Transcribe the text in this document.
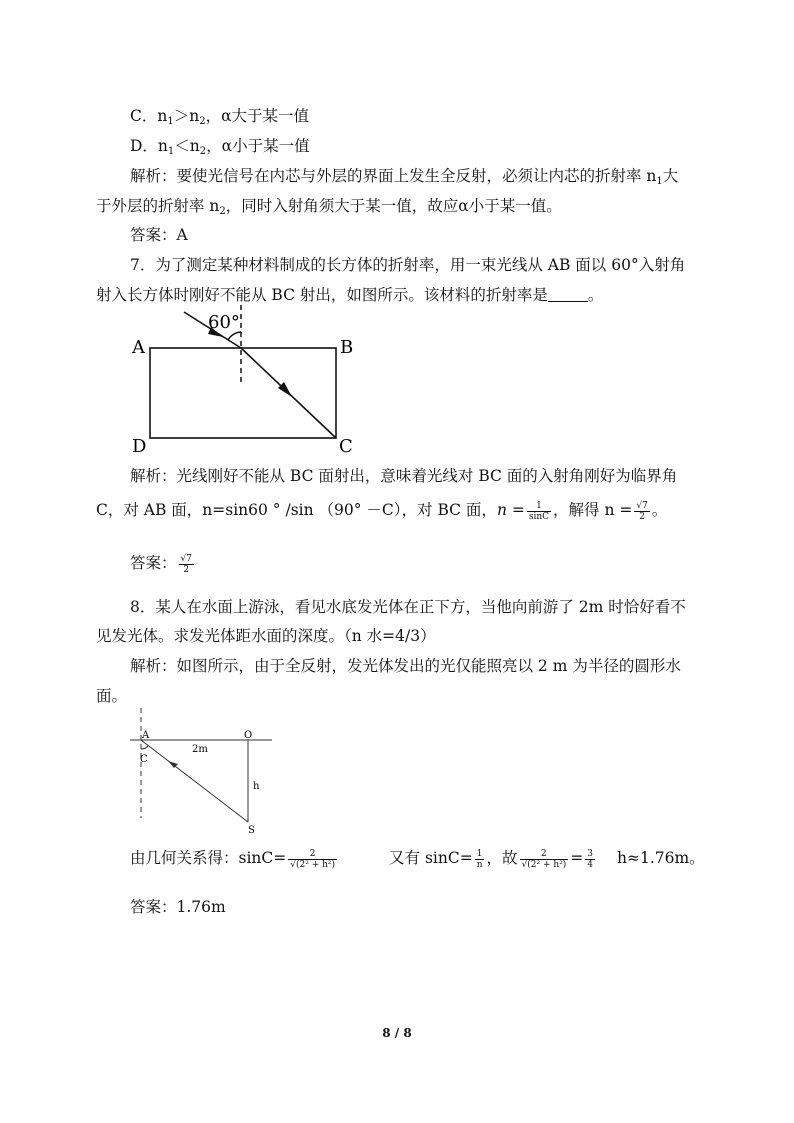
C．$n_1>n_2$，α大于某一值
D．$n_1<n_2$，α小于某一值
解析：要使光信号在内芯与外层的界面上发生全反射，必须让内芯的折射率 $n_1$大
于外层的折射率 $n_2$，同时入射角须大于某一值，故应α小于某一值。
答案：A
7．为了测定某种材料制成的长方体的折射率，用一束光线从 AB 面以 60°入射角
射入长方体时刚好不能从 BC 射出，如图所示。该材料的折射率是	。
60°
A	B
C
D
解析：光线刚好不能从 BC 面射出，意味着光线对 BC 面的入射角刚好为临界角
C，对 AB 面，n=sin60 ° /sin （90° －C），对 BC 面，$n = \frac{1}{\sin C}$ ，解得 $n = \frac{√7}{2}$ 。
答案： $\frac{√7}{2}$
8．某人在水面上游泳，看见水底发光体在正下方，当他向前游了 2m 时恰好看不
见发光体。求发光体距水面的深度。（n 水=4/3）
解析：如图所示，由于全反射，发光体发出的光仅能照亮以 2 m 为半径的圆形水
面。
A	O
C
2m
h
S
由几何关系得：$\sin C= \frac{2}{\text{√(2² + h²)}}$	又有 $\sin C= \frac{1}{n}$ ，故 $\frac{2}{\text{√(2² + h²)}} = \frac{3}{4} h\approx 1.76m$。
答案：1.76m
8 / 8
